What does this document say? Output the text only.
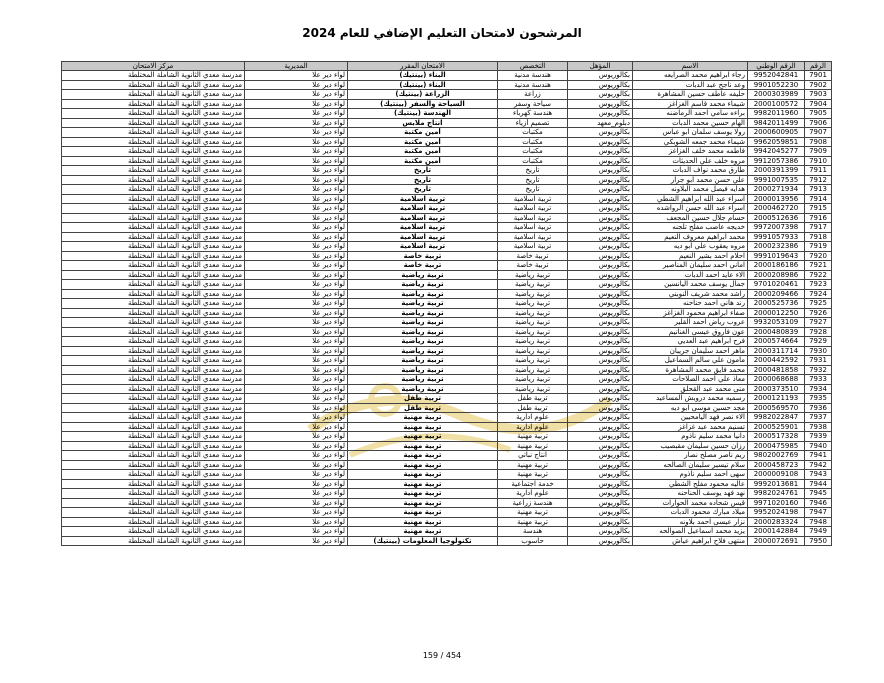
المرشحون لامتحان التعليم الإضافي للعام 2024
الرقم	الرقم الوطني	الاسم	المؤهل	التخصص	الامتحان المقرر	المديرية	مركز الامتحان
7901	9952042841	رجاء ابراهيم محمد الصرايعه	بكالوريوس	هندسة مدنية	البناء (بينتيك)	لواء دير علا	مدرسة معدي الثانوية الشاملة المختلطة
7902	9901052230	وعد ناجح عبد الدبات	بكالوريوس	هندسة مدنية	البناء (بينتيك)	لواء دير علا	مدرسة معدي الثانوية الشاملة المختلطة
7903	2000303989	حليفه عاطف حسين المشاهرة	بكالوريوس	زراعة	الزراعة (بينتيك)	لواء دير علا	مدرسة معدي الثانوية الشاملة المختلطة
7904	2000100572	شيماء محمد قاسم الغزاغز	بكالوريوس	سياحة وسفر	السياحة والسفر (بينتيك)	لواء دير علا	مدرسة معدي الثانوية الشاملة المختلطة
7905	9982011960	براءه سامي احمد الرماضنه	بكالوريوس	هندسة كهرباء	الهندسة (بينتيك)	لواء دير علا	مدرسة معدي الثانوية الشاملة المختلطة
7906	9842011499	الهام حسين محمد الدبات	دبلوم_معهد	تصميم أزياء	انتاج ملابس	لواء دير علا	مدرسة معدي الثانوية الشاملة المختلطة
7907	2000600905	رولا يوسف سلمان ابو عباس	بكالوريوس	مكتبات	أمين مكتبة	لواء دير علا	مدرسة معدي الثانوية الشاملة المختلطة
7908	9962059851	شيماء محمد جمعه الشوبكي	بكالوريوس	مكتبات	أمين مكتبة	لواء دير علا	مدرسة معدي الثانوية الشاملة المختلطة
7909	9942045277	فاطمه محمد خلف الغزاغز	بكالوريوس	مكتبات	أمين مكتبة	لواء دير علا	مدرسة معدي الثانوية الشاملة المختلطة
7910	9912057386	مروه خلف علي الحديثات	بكالوريوس	مكتبات	أمين مكتبة	لواء دير علا	مدرسة معدي الثانوية الشاملة المختلطة
7911	2000391399	طارق محمد نواف الدبات	بكالوريوس	تاريخ	تاريخ	لواء دير علا	مدرسة معدي الثانوية الشاملة المختلطة
7912	9991007535	علي حسن محمد ابو جرار	بكالوريوس	تاريخ	تاريخ	لواء دير علا	مدرسة معدي الثانوية الشاملة المختلطة
7913	2000271934	هدايه فيصل محمد البلاونه	بكالوريوس	تاريخ	تاريخ	لواء دير علا	مدرسة معدي الثانوية الشاملة المختلطة
7914	2000013956	اسراء عبد الله ابراهيم الشطي	بكالوريوس	تربية اسلامية	تربية اسلامية	لواء دير علا	مدرسة معدي الثانوية الشاملة المختلطة
7915	2000462720	اسراء عبد الله حسن الرواشده	بكالوريوس	تربية اسلامية	تربية اسلامية	لواء دير علا	مدرسة معدي الثانوية الشاملة المختلطة
7916	2000512636	حسام جلال حسين المجعف	بكالوريوس	تربية اسلامية	تربية اسلامية	لواء دير علا	مدرسة معدي الثانوية الشاملة المختلطة
7917	9972007398	خديجه عاصب مفلح تلجنه	بكالوريوس	تربية اسلامية	تربية اسلامية	لواء دير علا	مدرسة معدي الثانوية الشاملة المختلطة
7918	9991057933	محمد ابراهيم معروف النعيم	بكالوريوس	تربية اسلامية	تربية اسلامية	لواء دير علا	مدرسة معدي الثانوية الشاملة المختلطة
7919	2000232386	مروه يعقوب علي ابو ديه	بكالوريوس	تربية اسلامية	تربية اسلامية	لواء دير علا	مدرسة معدي الثانوية الشاملة المختلطة
7920	9991019643	احلام احمد بشير النعيم	بكالوريوس	تربية خاصة	تربية خاصة	لواء دير علا	مدرسة معدي الثانوية الشاملة المختلطة
7921	2000186186	اماني احمد سليمان المناصير	بكالوريوس	تربية خاصة	تربية خاصة	لواء دير علا	مدرسة معدي الثانوية الشاملة المختلطة
7922	2000208986	الاء عايد احمد الدبات	بكالوريوس	تربية رياضية	تربية رياضية	لواء دير علا	مدرسة معدي الثانوية الشاملة المختلطة
7923	9701020461	جمال يوسف محمد اليانسين	بكالوريوس	تربية رياضية	تربية رياضية	لواء دير علا	مدرسة معدي الثانوية الشاملة المختلطة
7924	2000209466	راشد محمد شريف النوبني	بكالوريوس	تربية رياضية	تربية رياضية	لواء دير علا	مدرسة معدي الثانوية الشاملة المختلطة
7925	2000525736	رند هاني احمد حناحنه	بكالوريوس	تربية رياضية	تربية رياضية	لواء دير علا	مدرسة معدي الثانوية الشاملة المختلطة
7926	2000012250	صفاء ابراهيم محمود الغزاغز	بكالوريوس	تربية رياضية	تربية رياضية	لواء دير علا	مدرسة معدي الثانوية الشاملة المختلطة
7927	9932053109	عروب رياض احمد القلير	بكالوريوس	تربية رياضية	تربية رياضية	لواء دير علا	مدرسة معدي الثانوية الشاملة المختلطة
7928	2000480839	عون فاروق عيسى الغنانيم	بكالوريوس	تربية رياضية	تربية رياضية	لواء دير علا	مدرسة معدي الثانوية الشاملة المختلطة
7929	2000574664	فرح ابراهيم عبد العديي	بكالوريوس	تربية رياضية	تربية رياضية	لواء دير علا	مدرسة معدي الثانوية الشاملة المختلطة
7930	2000311714	ماهر احمد سليمان جريبان	بكالوريوس	تربية رياضية	تربية رياضية	لواء دير علا	مدرسة معدي الثانوية الشاملة المختلطة
7931	2000442592	مأمون علي سالم السماعيل	بكالوريوس	تربية رياضية	تربية رياضية	لواء دير علا	مدرسة معدي الثانوية الشاملة المختلطة
7932	2000481858	محمد فايق محمد المشاهرة	بكالوريوس	تربية رياضية	تربية رياضية	لواء دير علا	مدرسة معدي الثانوية الشاملة المختلطة
7933	2000068688	معاذ علي احمد الصلاحات	بكالوريوس	تربية رياضية	تربية رياضية	لواء دير علا	مدرسة معدي الثانوية الشاملة المختلطة
7934	2000373510	منى محمد عبد القحلق	بكالوريوس	تربية رياضية	تربية رياضية	لواء دير علا	مدرسة معدي الثانوية الشاملة المختلطة
7935	2000121193	رسميه محمد دروبش المساعيد	بكالوريوس	تربية طفل	تربية طفل	لواء دير علا	مدرسة معدي الثانوية الشاملة المختلطة
7936	2000569570	مجد حسين موسى ابو ديه	بكالوريوس	تربية طفل	تربية طفل	لواء دير علا	مدرسة معدي الثانوية الشاملة المختلطة
7937	9982022847	الاء نصر فهد اليامحيين	بكالوريوس	علوم ادارية	تربية مهنية	لواء دير علا	مدرسة معدي الثانوية الشاملة المختلطة
7938	2000525901	تسنيم محمد عبد غزاغز	بكالوريوس	علوم ادارية	تربية مهنية	لواء دير علا	مدرسة معدي الثانوية الشاملة المختلطة
7939	2000517328	دانيا محمد سليم ناذوم	بكالوريوس	تربية مهنية	تربية مهنية	لواء دير علا	مدرسة معدي الثانوية الشاملة المختلطة
7940	2000475985	رزان حسين سليمان مقبصيب	بكالوريوس	تربية مهنية	تربية مهنية	لواء دير علا	مدرسة معدي الثانوية الشاملة المختلطة
7941	9802002769	ريم ناصر مصلح نصار	بكالوريوس	انتاج نباتي	تربية مهنية	لواء دير علا	مدرسة معدي الثانوية الشاملة المختلطة
7942	2000458723	سلام تيسير سليمان الصالحه	بكالوريوس	تربية مهنية	تربية مهنية	لواء دير علا	مدرسة معدي الثانوية الشاملة المختلطة
7943	2000009108	سهى احمد سليم ناذوم	بكالوريوس	تربية مهنية	تربية مهنية	لواء دير علا	مدرسة معدي الثانوية الشاملة المختلطة
7944	9992013681	عاليه محمود مفلح الشطي	بكالوريوس	خدمة اجتماعية	تربية مهنية	لواء دير علا	مدرسة معدي الثانوية الشاملة المختلطة
7945	9982024761	نهد فهد يوسف الحناحنه	بكالوريوس	علوم ادارية	تربية مهنية	لواء دير علا	مدرسة معدي الثانوية الشاملة المختلطة
7946	9971020160	قيس شحاده محمد الحوارات	بكالوريوس	هندسة زراعية	تربية مهنية	لواء دير علا	مدرسة معدي الثانوية الشاملة المختلطة
7947	9952024198	ميلاد مبارك محمود الدبات	بكالوريوس	تربية مهنية	تربية مهنية	لواء دير علا	مدرسة معدي الثانوية الشاملة المختلطة
7948	2000283324	نزار عيسى احمد بلاونه	بكالوريوس	تربية مهنية	تربية مهنية	لواء دير علا	مدرسة معدي الثانوية الشاملة المختلطة
7949	2000142884	يزيد محمد اسماعيل الصوالحه	بكالوريوس	هندسة	تربية مهنية	لواء دير علا	مدرسة معدي الثانوية الشاملة المختلطة
7950	2000072691	منتهى فلاح ابراهيم عياش	بكالوريوس	حاسوب	تكنولوجيا المعلومات (بينتيك)	لواء دير علا	مدرسة معدي الثانوية الشاملة المختلطة
159 / 454
